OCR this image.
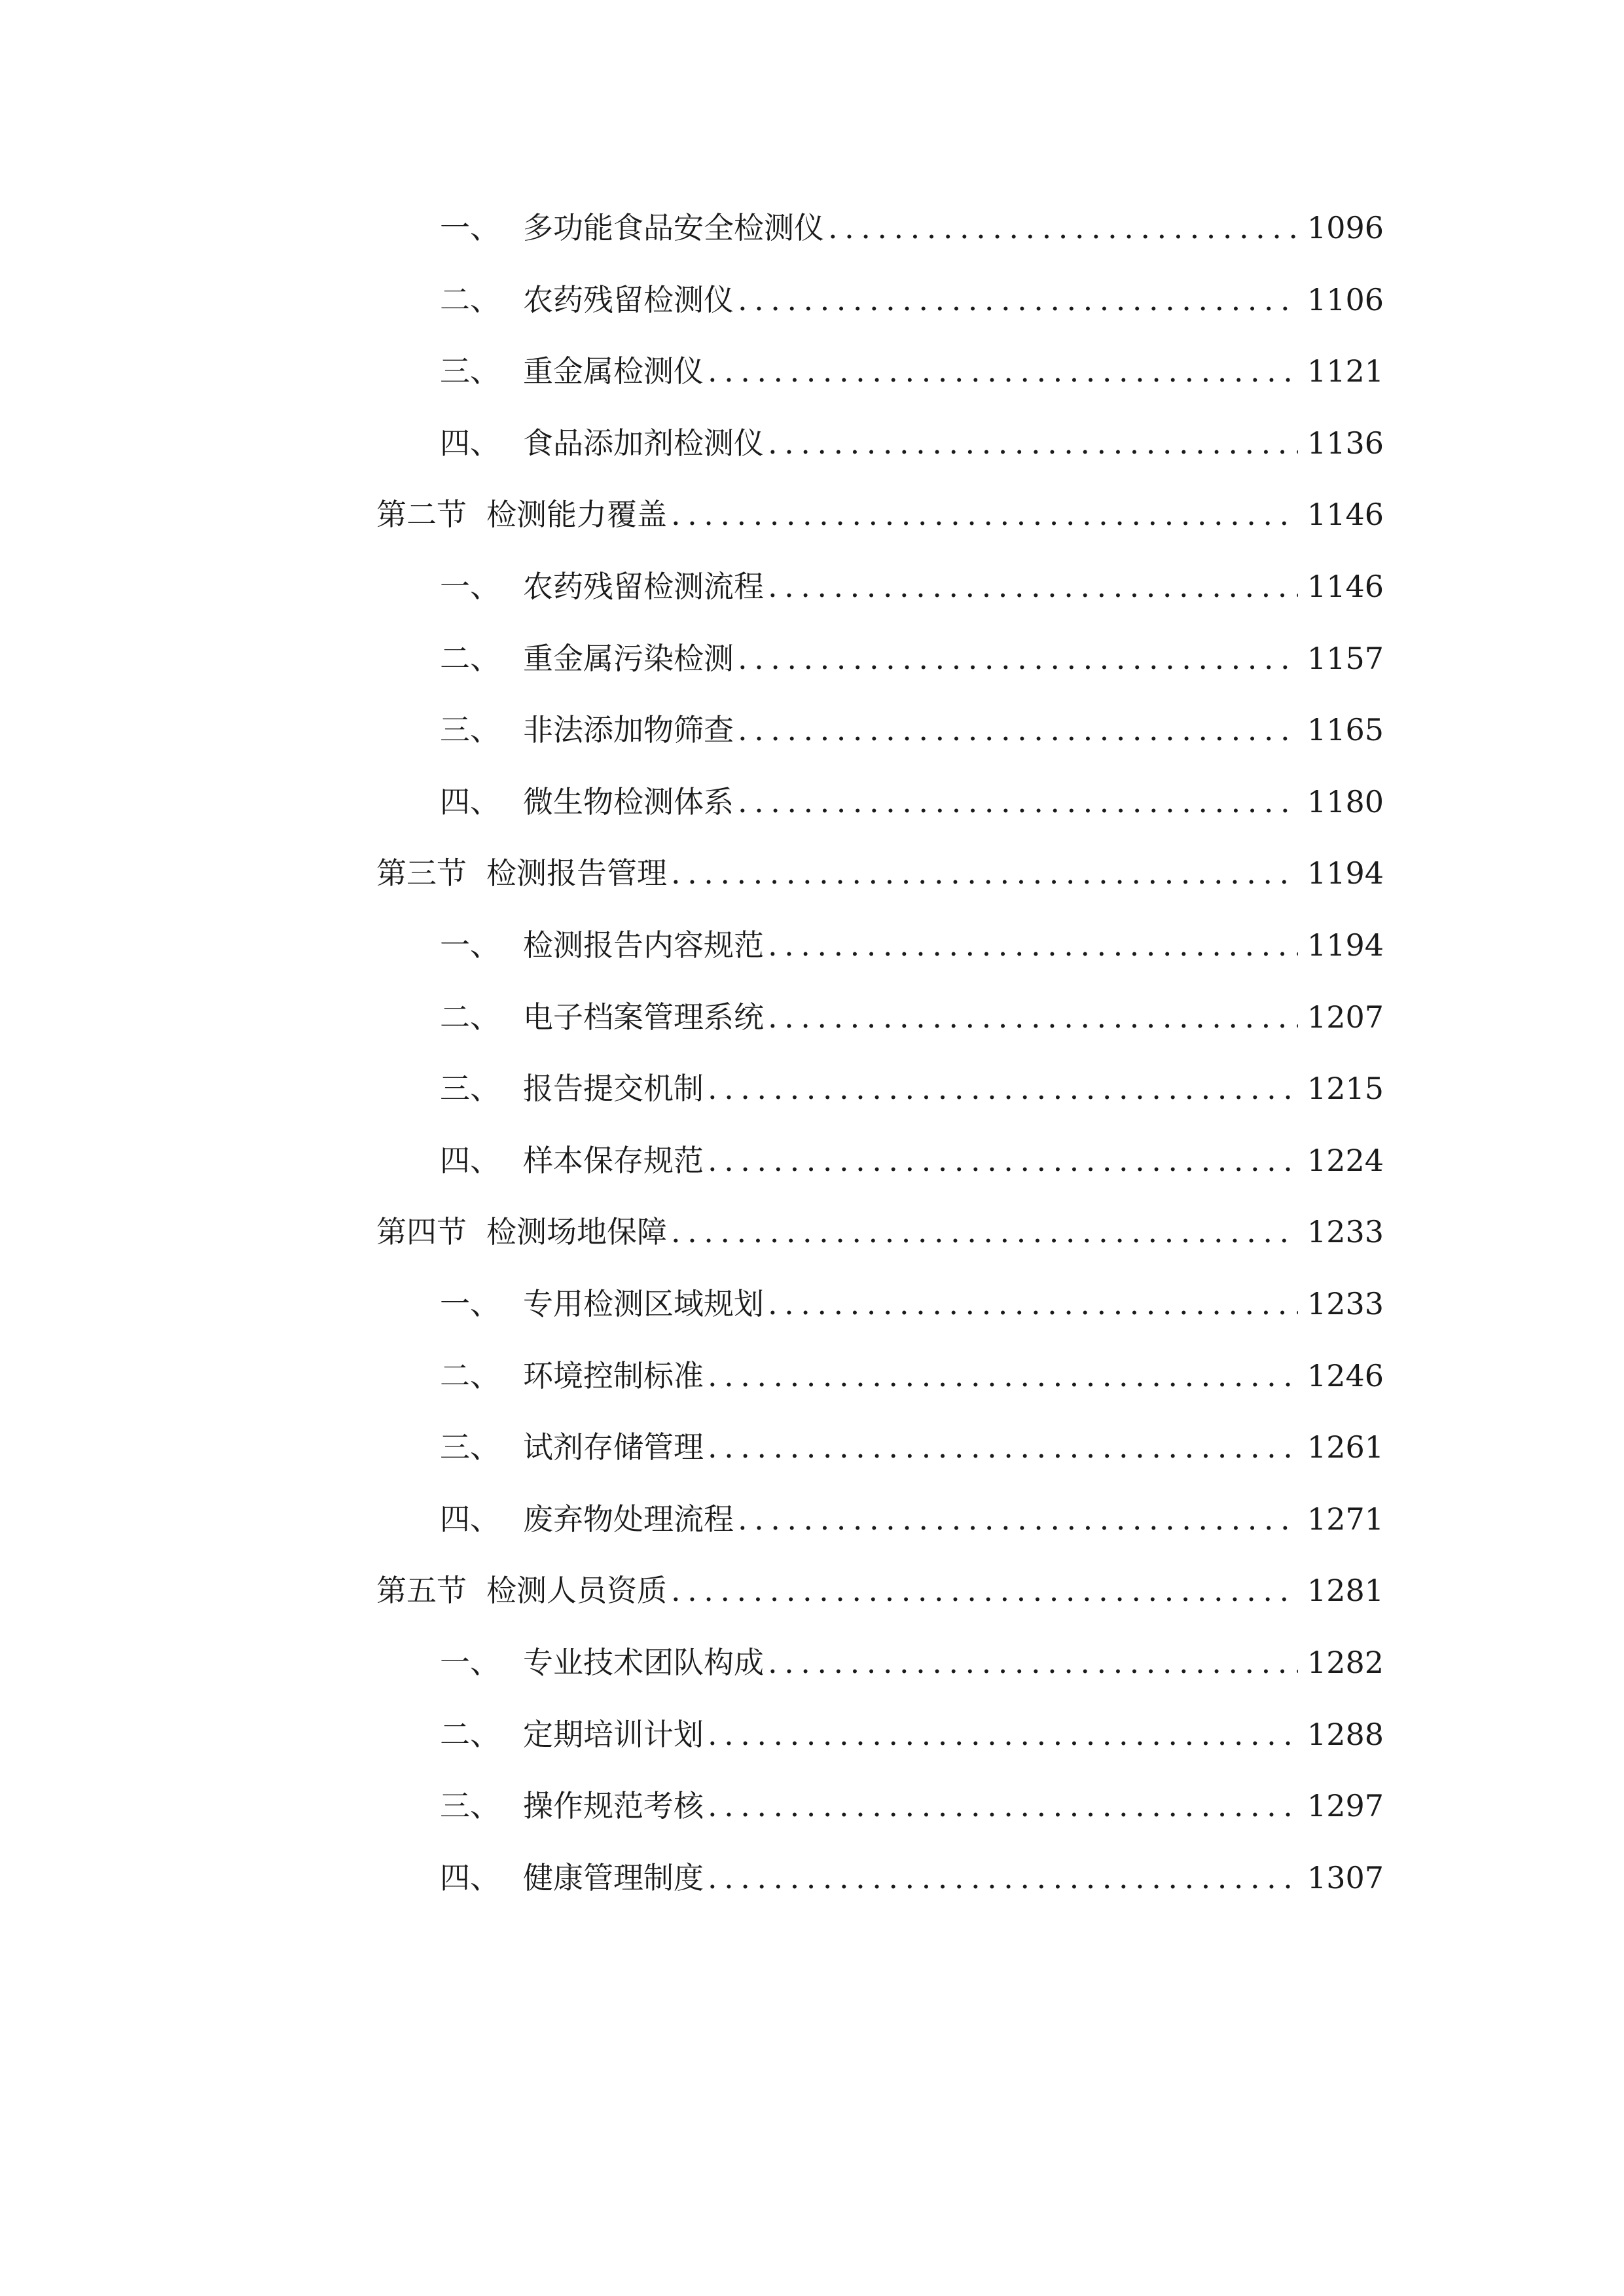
一、 多功能食品安全检测仪 .....	1096
二、 农药残留检测仪 .....	1106
三、 重金属检测仪 .....	1121
四、 食品添加剂检测仪 .....	1136
第二节 检测能力覆盖 .....	1146
一、 农药残留检测流程 .....	1146
二、 重金属污染检测 .....	1157
三、 非法添加物筛查 .....	1165
四、 微生物检测体系 .....	1180
第三节 检测报告管理 .....	1194
一、 检测报告内容规范 .....	1194
二、 电子档案管理系统 .....	1207
三、 报告提交机制 .....	1215
四、 样本保存规范 .....	1224
第四节 检测场地保障 .....	1233
一、 专用检测区域规划 .....	1233
二、 环境控制标准 .....	1246
三、 试剂存储管理 .....	1261
四、 废弃物处理流程 .....	1271
第五节 检测人员资质 .....	1281
一、 专业技术团队构成 .....	1282
二、 定期培训计划 .....	1288
三、 操作规范考核 .....	1297
四、 健康管理制度 .....	1307
